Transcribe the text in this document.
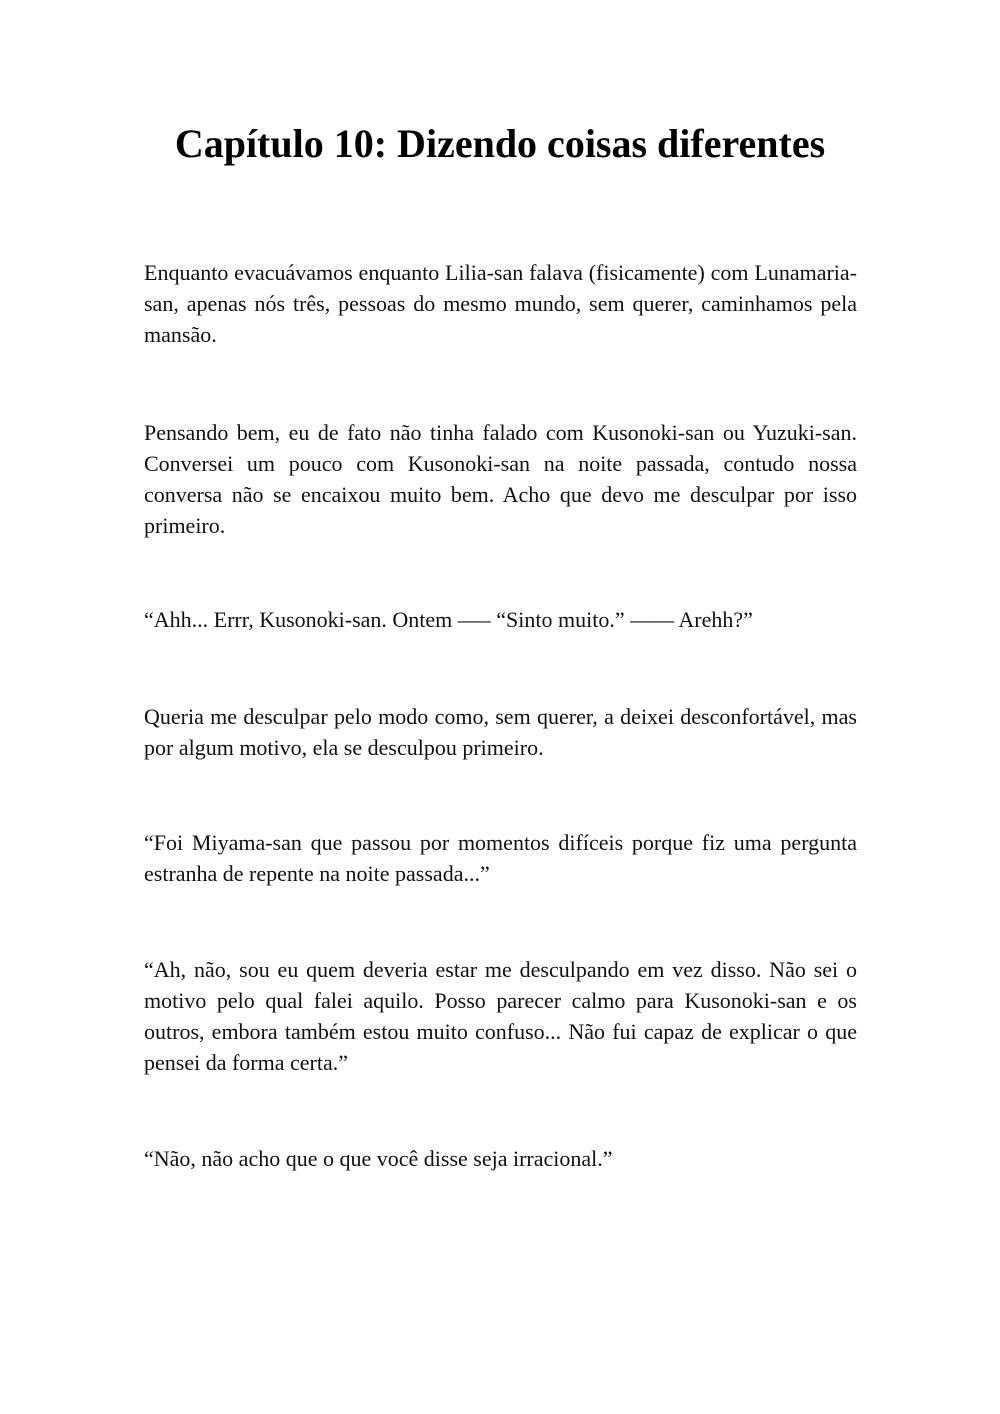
Capítulo 10: Dizendo coisas diferentes

Enquanto evacuávamos enquanto Lilia-san falava (fisicamente) com Lunamaria-san, apenas nós três, pessoas do mesmo mundo, sem querer, caminhamos pela mansão.

Pensando bem, eu de fato não tinha falado com Kusonoki-san ou Yuzuki-san. Conversei um pouco com Kusonoki-san na noite passada, contudo nossa conversa não se encaixou muito bem. Acho que devo me desculpar por isso primeiro.

“Ahh... Errr, Kusonoki-san. Ontem —– “Sinto muito.” —— Arehh?”

Queria me desculpar pelo modo como, sem querer, a deixei desconfortável, mas por algum motivo, ela se desculpou primeiro.

“Foi Miyama-san que passou por momentos difíceis porque fiz uma pergunta estranha de repente na noite passada...”

“Ah, não, sou eu quem deveria estar me desculpando em vez disso. Não sei o motivo pelo qual falei aquilo. Posso parecer calmo para Kusonoki-san e os outros, embora também estou muito confuso... Não fui capaz de explicar o que pensei da forma certa.”

“Não, não acho que o que você disse seja irracional.”
